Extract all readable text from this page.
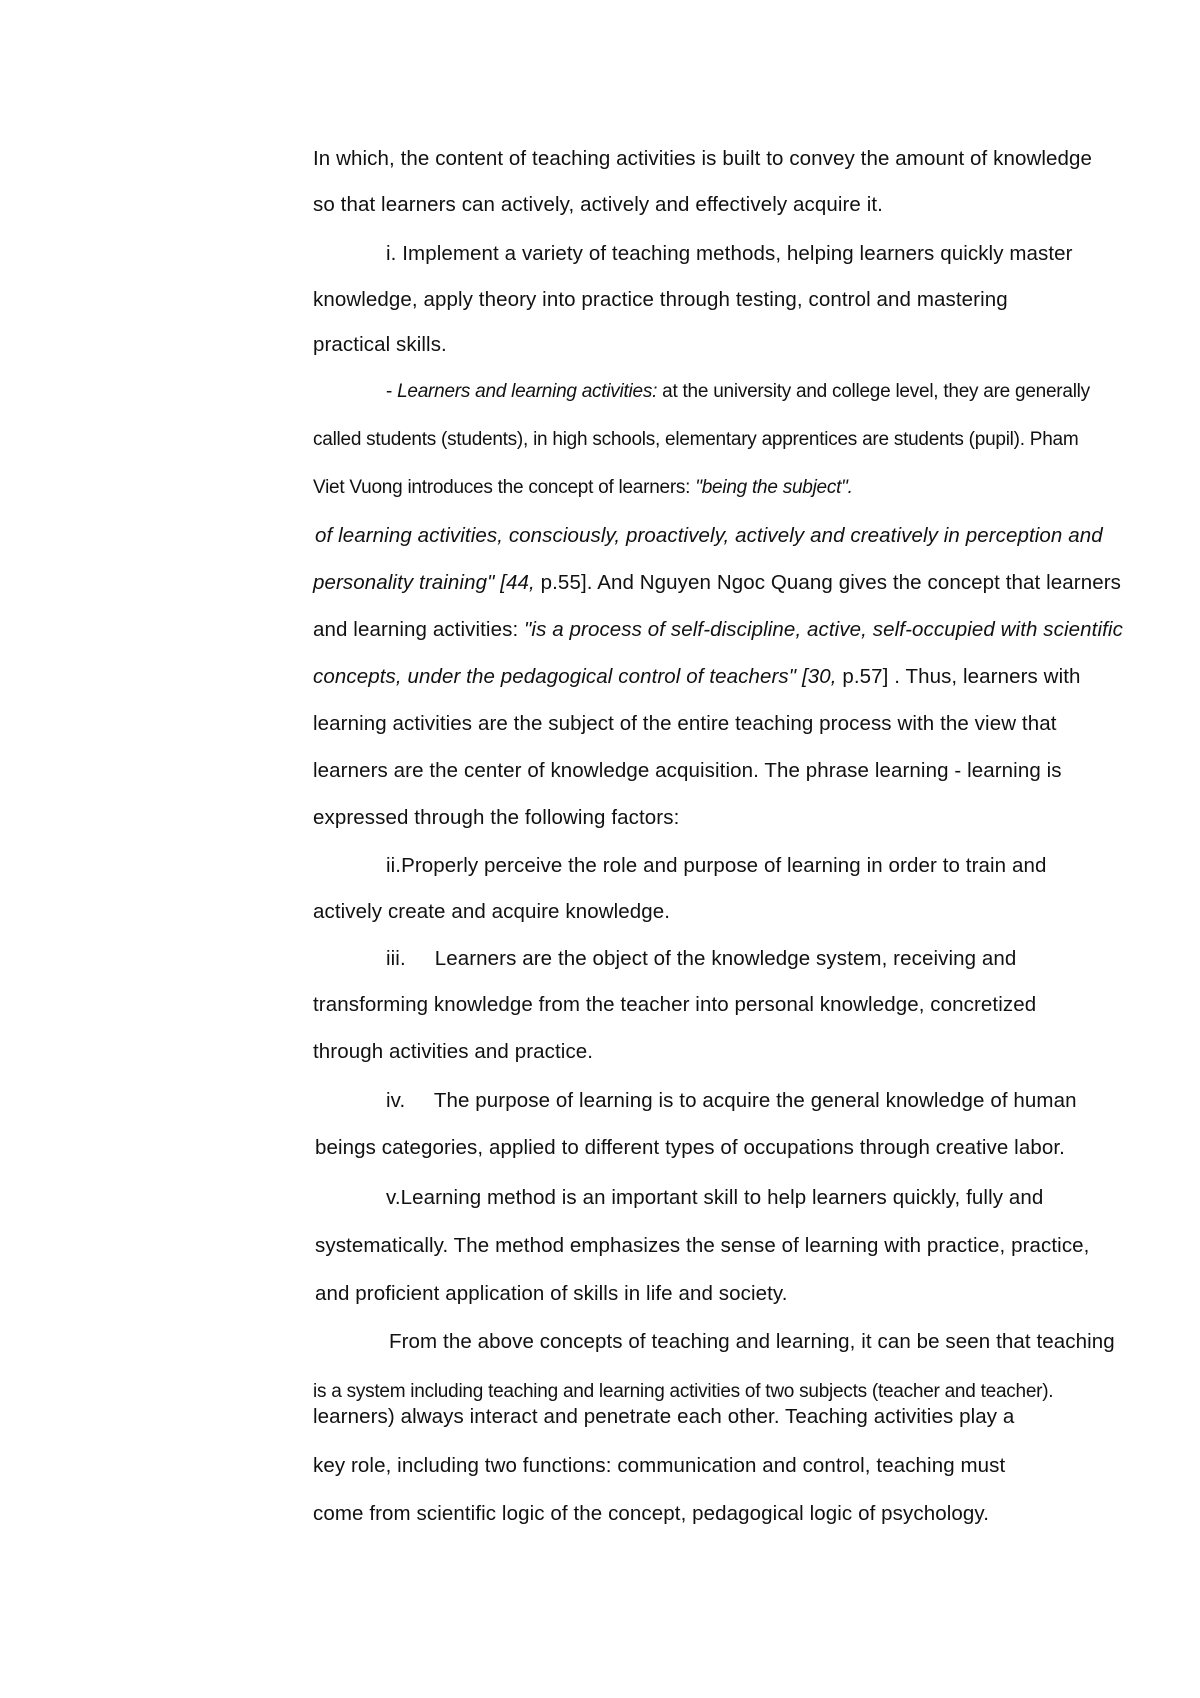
In which, the content of teaching activities is built to convey the amount of knowledge
so that learners can actively, actively and effectively acquire it.
i. Implement a variety of teaching methods, helping learners quickly master
knowledge, apply theory into practice through testing, control and mastering
practical skills.
- Learners and learning activities: at the university and college level, they are generally
called students (students), in high schools, elementary apprentices are students (pupil). Pham
Viet Vuong introduces the concept of learners: "being the subject".
of learning activities, consciously, proactively, actively and creatively in perception and
personality training" [44, p.55]. And Nguyen Ngoc Quang gives the concept that learners
and learning activities: "is a process of self-discipline, active, self-occupied with scientific
concepts, under the pedagogical control of teachers" [30, p.57] . Thus, learners with
learning activities are the subject of the entire teaching process with the view that
learners are the center of knowledge acquisition. The phrase learning - learning is
expressed through the following factors:
ii.Properly perceive the role and purpose of learning in order to train and
actively create and acquire knowledge.
iii.     Learners are the object of the knowledge system, receiving and
transforming knowledge from the teacher into personal knowledge, concretized
through activities and practice.
iv.     The purpose of learning is to acquire the general knowledge of human
beings categories, applied to different types of occupations through creative labor.
v.Learning method is an important skill to help learners quickly, fully and
systematically. The method emphasizes the sense of learning with practice, practice,
and proficient application of skills in life and society.
From the above concepts of teaching and learning, it can be seen that teaching
is a system including teaching and learning activities of two subjects (teacher and teacher).
learners) always interact and penetrate each other. Teaching activities play a
key role, including two functions: communication and control, teaching must
come from scientific logic of the concept, pedagogical logic of psychology.
